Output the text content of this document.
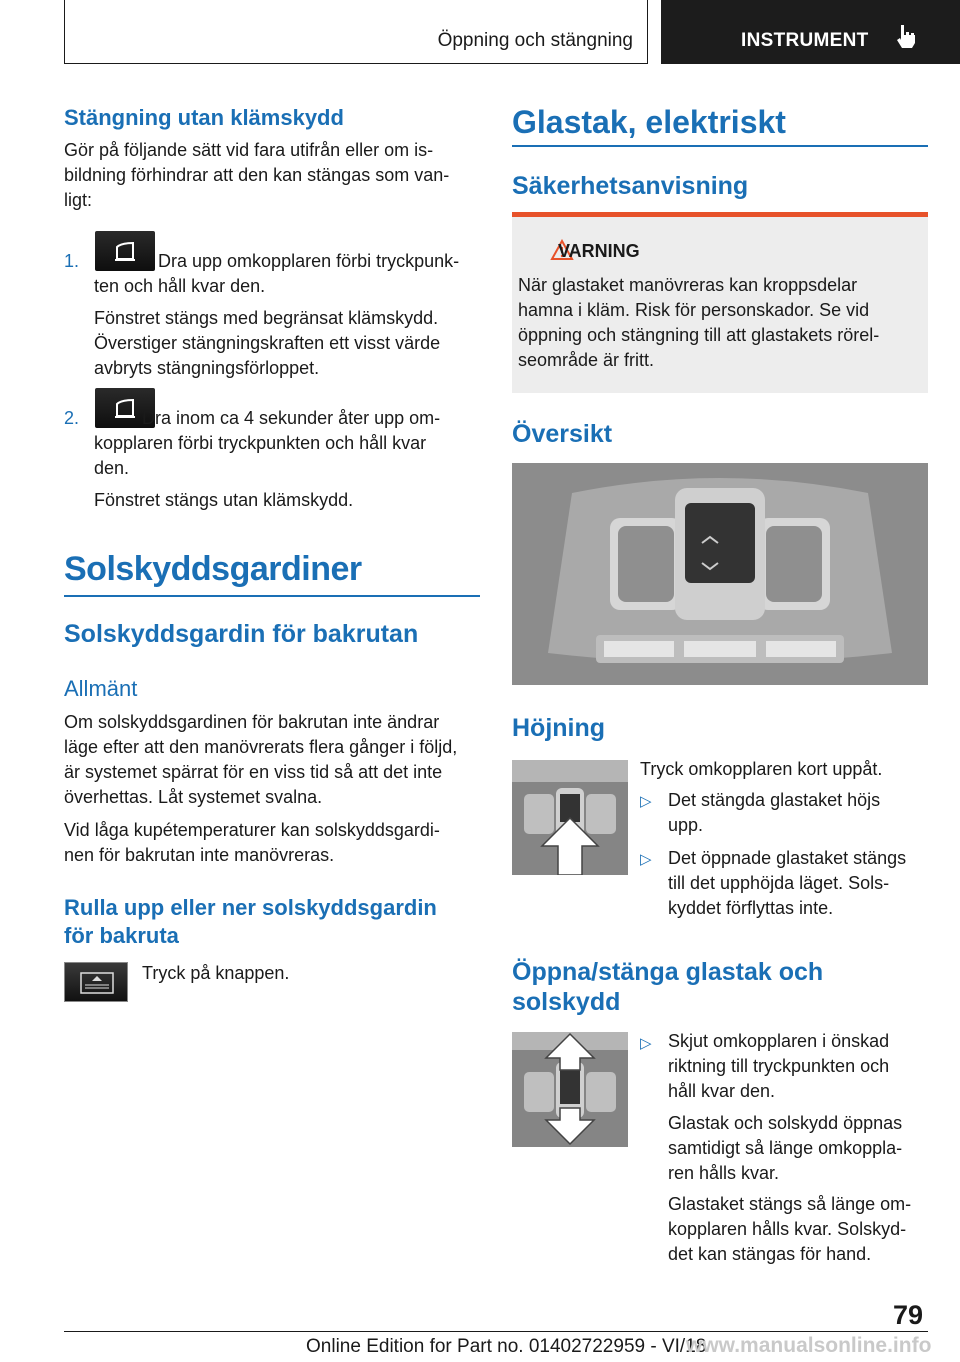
Öppning och stängning	INSTRUMENT
Stängning utan klämskydd
Gör på följande sätt vid fara utifrån eller om is-
bildning förhindrar att den kan stängas som van-
ligt:
1.	Dra upp omkopplaren förbi tryckpunk-
ten och håll kvar den.
Fönstret stängs med begränsat klämskydd.
Överstiger stängningskraften ett visst värde
avbryts stängningsförloppet.
2.	Dra inom ca 4 sekunder åter upp om-
kopplaren förbi tryckpunkten och håll kvar
den.
Fönstret stängs utan klämskydd.
Solskyddsgardiner
Solskyddsgardin för bakrutan
Allmänt
Om solskyddsgardinen för bakrutan inte ändrar
läge efter att den manövrerats flera gånger i följd,
är systemet spärrat för en viss tid så att det inte
överhettas. Låt systemet svalna.
Vid låga kupétemperaturer kan solskyddsgardi-
nen för bakrutan inte manövreras.
Rulla upp eller ner solskyddsgardin
för bakruta
Tryck på knappen.
Glastak, elektriskt
Säkerhetsanvisning
VARNING
När glastaket manövreras kan kroppsdelar
hamna i kläm. Risk för personskador. Se vid
öppning och stängning till att glastakets rörel-
seområde är fritt.
Översikt
Höjning
Tryck omkopplaren kort uppåt.
▷ Det stängda glastaket höjs
upp.
▷ Det öppnade glastaket stängs
till det upphöjda läget. Sols-
kyddet förflyttas inte.
Öppna/stänga glastak och
solskydd
▷ Skjut omkopplaren i önskad
riktning till tryckpunkten och
håll kvar den.
Glastak och solskydd öppnas
samtidigt så länge omkoppla-
ren hålls kvar.
Glastaket stängs så länge om-
kopplaren hålls kvar. Solskyd-
det kan stängas för hand.
79
Online Edition for Part no. 01402722959 - VI/18
www.manualsonline.info
